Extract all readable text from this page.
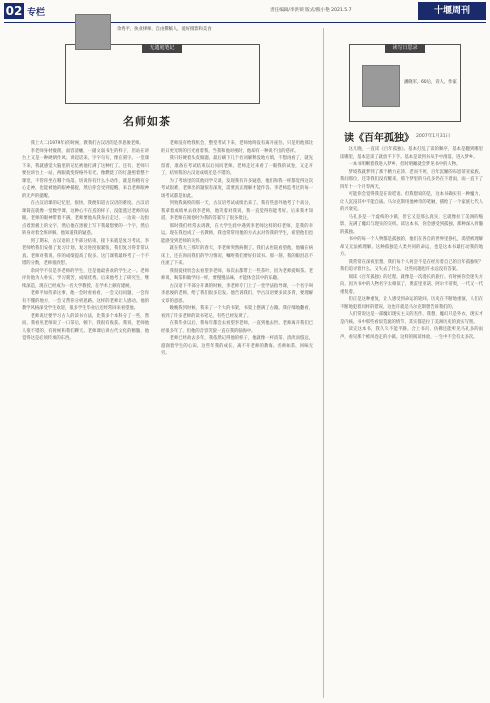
02 专栏	责任编辑/李洪锁 版式/熊小艳 2021.5.7	十堰周刊
无遗庭笔记
余秀平，执业律师，自由撰稿人，爱好摄影和美食
名师如茶

我上大二(1979年)的时候，教我们古汉语的是李思俊老师。

李老师身材瘦削，面容清癯，一副文弱书生的样子，但站在讲台上又是一种硬朗作风；讲起话来，字字句句，像在刻字。一堂课下来，我就感觉大脑里的记忆被他打满了这种打了。还有，老师只要往讲台上一站，两眼就变得格外有光，像燃烧了的灯盏照着整个课堂，不管你坐在哪个角落，切说你有什么小动作，就是你稍有分心走神，也能被他的眼神捕捉，然后你会受到提醒，来自老师眼神的无声的提醒。

在古汉语课的记忆里，很快，我便知道古汉语的难度。古汉语课简直就像一堂数学课，这种心不在焉的样子，没能逃过老师的法眼。老师的眼神带着不满，老师要他从我身后走过，一边说一边指点着黑板上的文字，然后他在黑板上写下我最想要的一个字，然后转身对着全班讲解，他知道我的疑惑。

到了期末，古汉语的上半部分结束，接下来就是复习考试。李老师给我们安排了复习计划，复习进度很紧张，我们复习得非常认真。老师对我说，你的成绩提高了很多。这门课我最终考了一个不错的分数，老师很欣慰。

余同学不仅是李老师的学生，还是他最喜欢的学生之一。老师评价他为人朴实，学习刻苦，成绩优秀。后来他考上了研究生，继续深造，现在已经成为一名大学教授，在学术上颇有建树。

老师平如待弟这事，他一会时看看看，一会又问问题，一会你有不懂的地方，一会又帮你分析思路。这样的老师让人感动。他的教学风格深受学生欢迎，很多学生毕业后还经常回来看望他。

老师说过要学习古人的读书方法，比我多个本科分了一些，然而，我看见老师说了一口茶后，顿下，我很有收获。我说，老师他人很不错的，有时候和我们聊天。老师课后讲古代文化的精髓，他觉得这是必须传承的东西。

老师没有给我机会，整堂考试下来，老师始终没有离开座位。只是用他那比炬日更光明的目光看着我，当我和他对视时，他却有一种说不出的慈祥。

我只好硬着头皮做题。最后刷下几个名词解释没地方填，不想再看了，就先留着，准备在考试结束以后问问老师。老师走过来看了一眼我的试卷，又走开了，结果我的古汉语成绩还是不错的。

为了考场里的其他同学交谈，发现我有许多疑惑，他们和我一样都觉得这次考试很难，老师出的题很有深度，需要真正理解才能作答。李老师监考过的每一场考试都是如此。

到致我离校的那一天，古汉语考试成绩出来了。我有些意外地考了个高分，我拿着成绩单去找李老师，他笑着对我说，我一直觉得你能考好。后来我才知道，李老师在阅卷时为我的答案写了很多批注。

那时我们经常去请教，在大学生涯中遇到李老师这样的好老师，是我的幸运。现在我也成了一名教师，我也常常用他的方式去对待我的学生，希望他们也能感受到老师的关怀。

就在我大三那年的春天，李老师突然病倒了。我们去医院看望他，他躺在病床上，还在询问我们的学习情况，嘱咐我们要好好读书。那一刻，我的眼泪忍不住流了下来。

我很爱找机会去看望李老师，每次去都带上一些茶叶，因为老师爱喝茶。老师说，喝茶和做学问一样，要慢慢品味，才能体会其中的乐趣。

古汉语下半部分开课的时候，李老师专门上了一堂学法指导课，一个名字叫李思俊的老师，给了我们很多启发。他告诉我们，学古汉语要多读多背，要理解文章的意思。

晚晚我到时候，我来了一个大的书架，书架上摆满了古籍。我仔细地翻看，看到了许多老师的读书笔记，有些已经发黄了。

在我毕业以后，我每年都会去看望李老师，一直到他去世。老师离开我们已经很多年了，但他的音容笑貌一直在我的脑海中。

老师已经故去多年，我依然记得他的样子，他就像一杯清茶，清淡而悠远，滋润着学生的心田。这些年我的成长，离不开老师的教诲。名师如茶，回味无穷。

读写日思录
潘晓军，60后，诗人，作家
读《百年孤独》 2007年1月31日

这几晚，一直读《百年孤独》。基本打乱了读的顺序，基本是翻到哪里读哪里，基本是读了就放不下手。基本是读到书从手中滑落，进入梦乡。

一本书明晰着我进入梦乡，但时明睡就会梦见书中的人物。

梦境我就梦到了那个精力充沛、老而不死、百年沉睡的布恩蒂亚家族。我问那位，还等我们没有醒来，那个梦里的马孔多仍在下着雨，雨一直下了四年十一个月零两天。

可能你会觉得我是在说呓语。但我想说的是，这本书确实有一种魔力，让人沉浸其中不能自拔。马尔克斯用他神奇的笔触，描绘了一个家族七代人的兴衰史。

马孔多是一个虚构的小镇，但它又是那么真实，它就像拉丁美洲的缩影，充满了魔幻与现实的交织。读这本书，你会感受到孤独，那种深入骨髓的孤独。

书中的每一个人物都是孤独的，他们在各自的世界里挣扎，渴望被理解却又无法被理解。这种孤独是人类共同的命运，也是这本书最打动我的地方。

我常常在深夜里想，我们每个人何尝不是在经历着自己的百年孤独呢？我们追寻着什么，又失去了什么，这些问题也许永远没有答案。

阅读《百年孤独》的过程，就像是一次漫长的旅行。有时候你会迷失方向，因为书中的人物名字太相似了，奥雷里亚诺、阿尔卡蒂奥，一代又一代重复着。

但正是这种重复，让人感受到命运的轮回。历史在不断地重演，人们在不断地犯着同样的错误，这也许就是马尔克斯想告诉我们的。

人们常说这是一部魔幻现实主义的杰作，我想，魔幻只是外衣，现实才是内核。书中那些看似荒诞的情节，其实都是拉丁美洲历史的真实写照。

读完这本书，我久久不能平静。合上书页，仿佛还能听见马孔多的雨声，看见那个被风卷走的小镇。这样的阅读体验，一生中不会有太多次。
